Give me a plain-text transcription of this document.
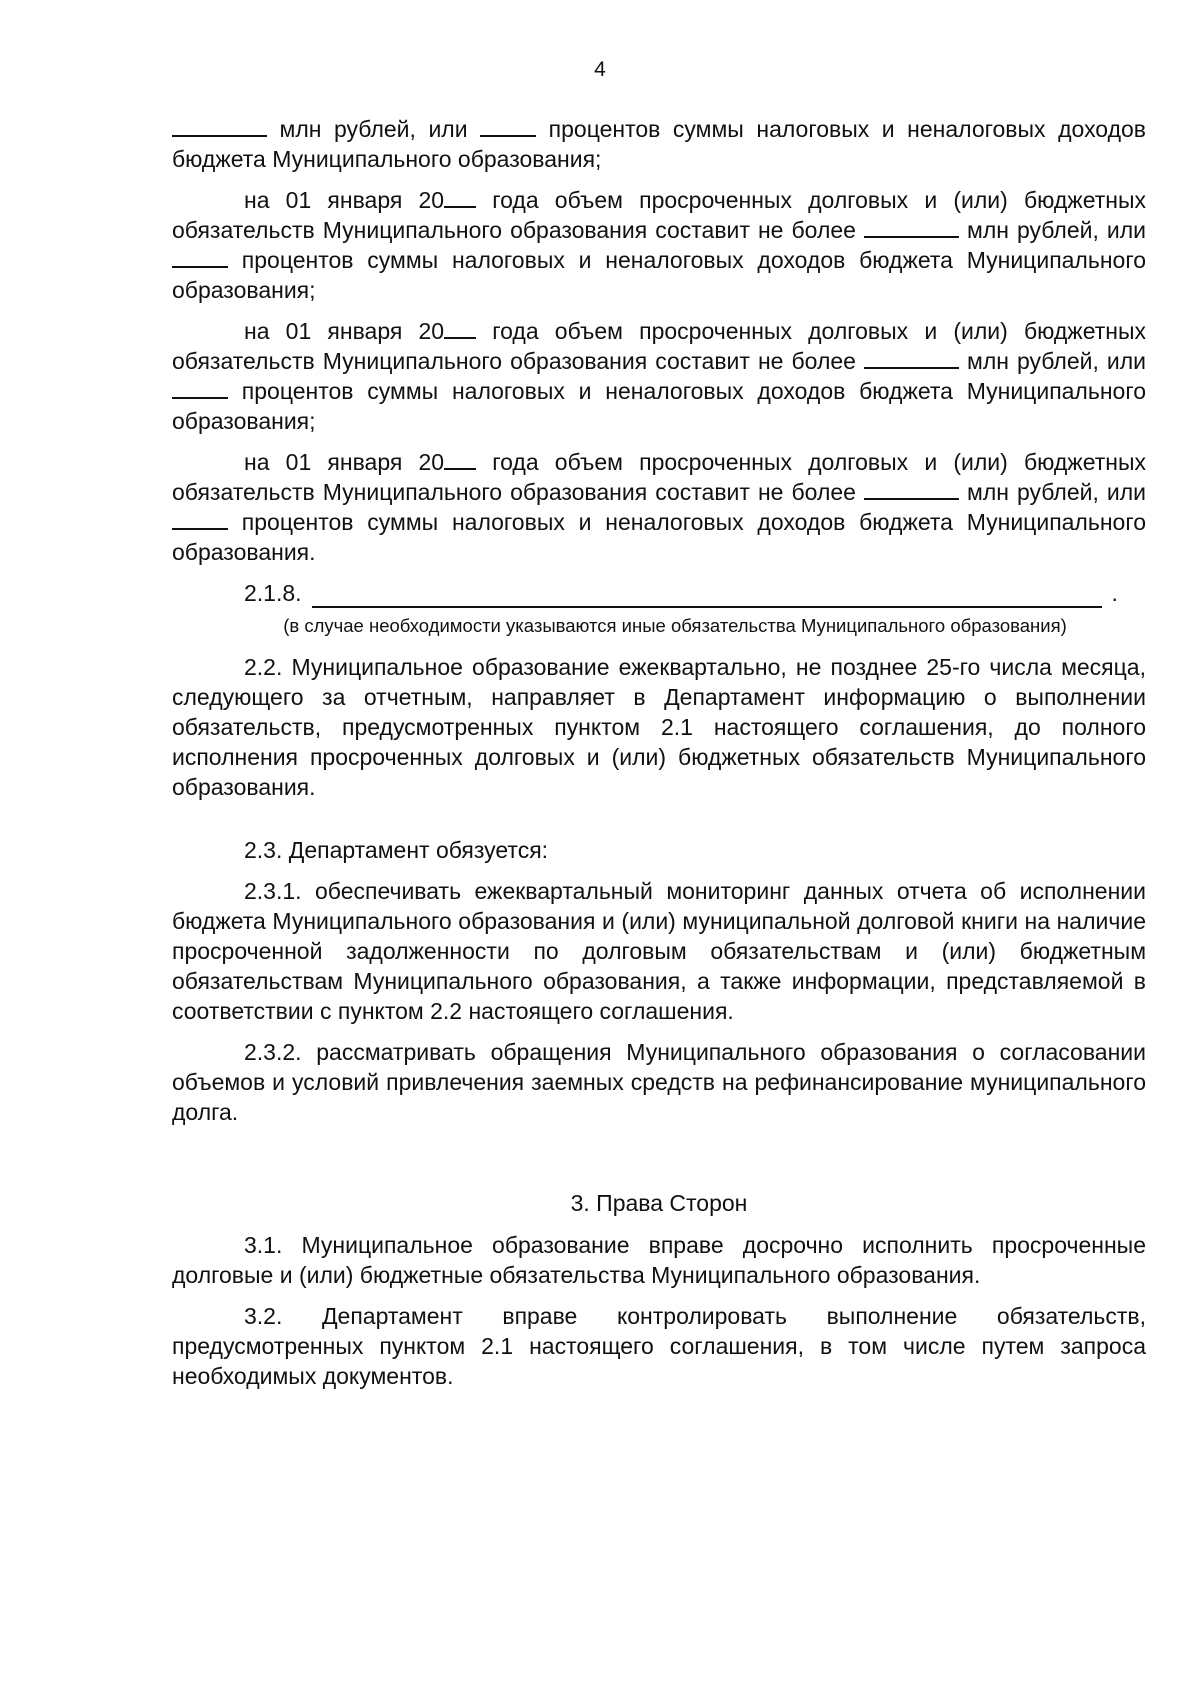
4

млн рублей, или	процентов суммы налоговых и неналоговых доходов бюджета Муниципального образования;

на 01 января 20 года объем просроченных долговых и (или) бюджетных обязательств Муниципального образования составит не более	млн рублей, или  процентов суммы налоговых и неналоговых доходов бюджета Муниципального образования;

на 01 января 20 года объем просроченных долговых и (или) бюджетных обязательств Муниципального образования составит не более	млн рублей, или  процентов суммы налоговых и неналоговых доходов бюджета Муниципального образования;

на 01 января 20 года объем просроченных долговых и (или) бюджетных обязательств Муниципального образования составит не более	млн рублей, или  процентов суммы налоговых и неналоговых доходов бюджета Муниципального образования.

2.1.8.	.
(в случае необходимости указываются иные обязательства Муниципального образования)

2.2. Муниципальное образование ежеквартально, не позднее 25-го числа месяца, следующего за отчетным, направляет в Департамент информацию о выполнении обязательств, предусмотренных пунктом 2.1 настоящего соглашения, до полного исполнения просроченных долговых и (или) бюджетных обязательств Муниципального образования.

2.3. Департамент обязуется:

2.3.1. обеспечивать ежеквартальный мониторинг данных отчета об исполнении бюджета Муниципального образования и (или) муниципальной долговой книги на наличие просроченной задолженности по долговым обязательствам и (или) бюджетным обязательствам Муниципального образования, а также информации, представляемой в соответствии с пунктом 2.2 настоящего соглашения.

2.3.2. рассматривать обращения Муниципального образования о согласовании объемов и условий привлечения заемных средств на рефинансирование муниципального долга.

3. Права Сторон

3.1. Муниципальное образование вправе досрочно исполнить просроченные долговые и (или) бюджетные обязательства Муниципального образования.

3.2. Департамент вправе контролировать выполнение обязательств, предусмотренных пунктом 2.1 настоящего соглашения, в том числе путем запроса необходимых документов.
